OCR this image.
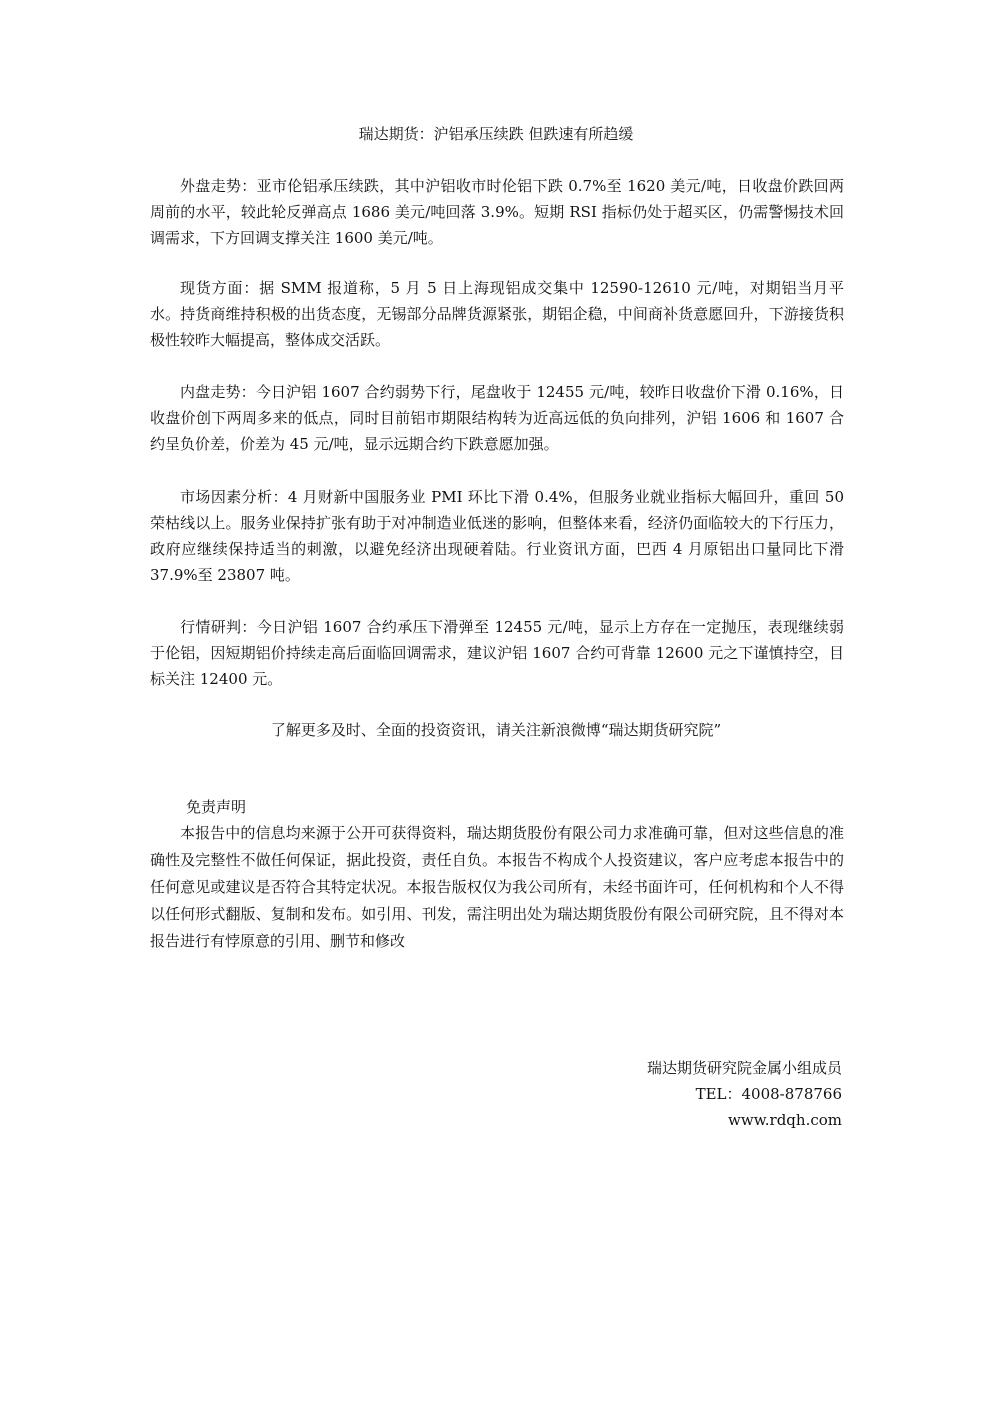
瑞达期货：沪铝承压续跌 但跌速有所趋缓

外盘走势：亚市伦铝承压续跌，其中沪铝收市时伦铝下跌 0.7%至 1620 美元/吨，日收盘价跌回两周前的水平，较此轮反弹高点 1686 美元/吨回落 3.9%。短期 RSI 指标仍处于超买区，仍需警惕技术回调需求，下方回调支撑关注 1600 美元/吨。

现货方面：据 SMM 报道称，5 月 5 日上海现铝成交集中 12590-12610 元/吨，对期铝当月平水。持货商维持积极的出货态度，无锡部分品牌货源紧张，期铝企稳，中间商补货意愿回升，下游接货积极性较昨大幅提高，整体成交活跃。

内盘走势：今日沪铝 1607 合约弱势下行，尾盘收于 12455 元/吨，较昨日收盘价下滑 0.16%，日收盘价创下两周多来的低点，同时目前铝市期限结构转为近高远低的负向排列，沪铝 1606 和 1607 合约呈负价差，价差为 45 元/吨，显示远期合约下跌意愿加强。

市场因素分析：4 月财新中国服务业 PMI 环比下滑 0.4%，但服务业就业指标大幅回升，重回 50 荣枯线以上。服务业保持扩张有助于对冲制造业低迷的影响，但整体来看，经济仍面临较大的下行压力，政府应继续保持适当的刺激，以避免经济出现硬着陆。行业资讯方面，巴西 4 月原铝出口量同比下滑 37.9%至 23807 吨。

行情研判：今日沪铝 1607 合约承压下滑弹至 12455 元/吨，显示上方存在一定抛压，表现继续弱于伦铝，因短期铝价持续走高后面临回调需求，建议沪铝 1607 合约可背靠 12600 元之下谨慎持空，目标关注 12400 元。

了解更多及时、全面的投资资讯，请关注新浪微博“瑞达期货研究院”
免责声明

本报告中的信息均来源于公开可获得资料，瑞达期货股份有限公司力求准确可靠，但对这些信息的准确性及完整性不做任何保证，据此投资，责任自负。本报告不构成个人投资建议，客户应考虑本报告中的任何意见或建议是否符合其特定状况。本报告版权仅为我公司所有，未经书面许可，任何机构和个人不得以任何形式翻版、复制和发布。如引用、刊发，需注明出处为瑞达期货股份有限公司研究院，且不得对本报告进行有悖原意的引用、删节和修改

瑞达期货研究院金属小组成员
TEL：4008-878766
www.rdqh.com
